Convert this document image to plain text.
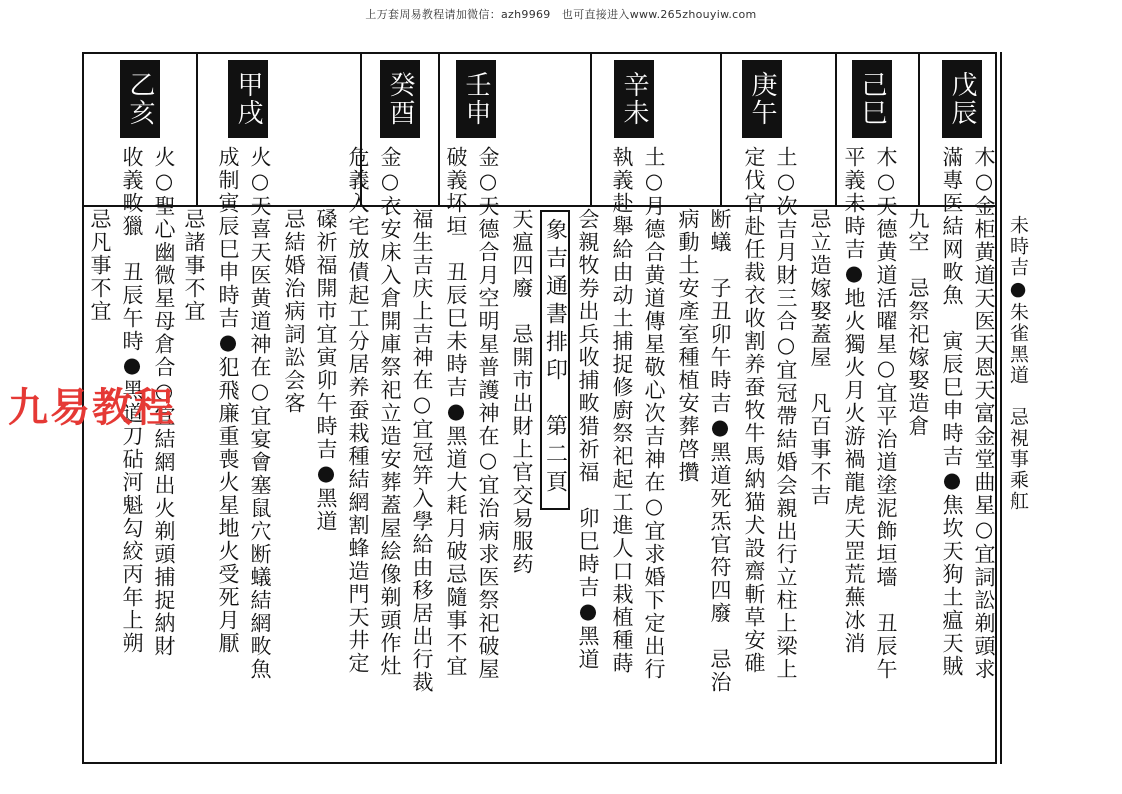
上万套周易教程请加微信：azh9969　也可直接进入www.265zhouyiw.com
戊辰
己巳
庚午
辛未
壬申
癸酉
甲戌
乙亥
未時吉●朱雀黑道　忌視事乘舡
木○金柜黄道天医天恩天富金堂曲星○宜詞訟剃頭求
滿專医結网畋魚　寅辰巳申時吉●焦坎天狗土瘟天賊
九空　忌祭祀嫁娶造倉
木○天德黄道活曜星○宜平治道塗泥飾垣墻　丑辰午
平義未時吉●地火獨火月火游禍龍虎天罡荒蕪冰消
忌立造嫁娶蓋屋　凡百事不吉
土○次吉月財三合○宜冠帶結婚会親出行立柱上梁上
定伐官赴任裁衣收割养蚕牧牛馬納猫犬設齋斬草安碓
断蟻　子丑卯午時吉●黑道死炁官符四廢　忌治
病動土安產室種植安葬啓攢
土○月德合黄道傳星敬心次吉神在○宜求婚下定出行
執義赴舉給由动土捕捉修廚祭祀起工進人口栽植種蒔
会親牧券出兵收捕畋猎祈福　卯巳時吉●黑道
象吉通書排印　第二頁
天瘟四廢　忌開市出財上官交易服药
金○天德合月空明星普護神在○宜治病求医祭祀破屋
破義坏垣　丑辰巳未時吉●黑道大耗月破忌隨事不宜
福生吉庆上吉神在○宜冠笄入學給由移居出行裁
金○衣安床入倉開庫祭祀立造安葬蓋屋絵像剃頭作灶
危義入宅放債起工分居养蚕栽種結網割蜂造門天井定
磉祈福開市宜寅卯午時吉●黑道
忌結婚治病詞訟会客
火○天喜天医黄道神在○宜宴會塞鼠穴断蟻結網畋魚
成制寅辰巳申時吉●犯飛廉重喪火星地火受死月厭
忌諸事不宜
火○聖心幽微星母倉合○宜結網出火剃頭捕捉納財
收義畋獵　丑辰午時●黑道刀砧河魁勾絞丙年上朔
忌凡事不宜
九易教程
